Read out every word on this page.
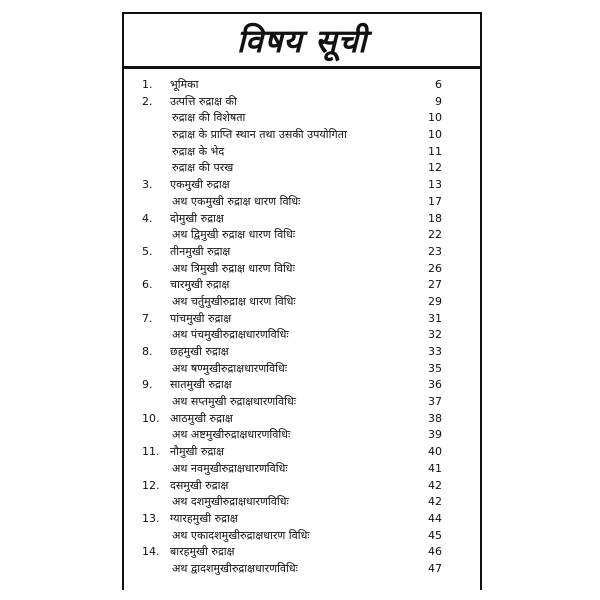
विषय सूची
1.	भूमिका	6
2.	उत्पत्ति रुद्राक्ष की	9
रुद्राक्ष की विशेषता	10
रुद्राक्ष के प्राप्ति स्थान तथा उसकी उपयोगिता	10
रुद्राक्ष के भेद	11
रुद्राक्ष की परख	12
3.	एकमुखी रुद्राक्ष	13
अथ एकमुखी रुद्राक्ष धारण विधिः	17
4.	दोमुखी रुद्राक्ष	18
अथ द्विमुखी रुद्राक्ष धारण विधिः	22
5.	तीनमुखी रुद्राक्ष	23
अथ त्रिमुखी रुद्राक्ष धारण विधिः	26
6.	चारमुखी रुद्राक्ष	27
अथ चर्तुमुखीरुद्राक्ष धारण विधिः	29
7.	पांचमुखी रुद्राक्ष	31
अथ पंचमुखीरुद्राक्षधारणविधिः	32
8.	छहमुखी रुद्राक्ष	33
अथ षण्मुखीरुद्राक्षधारणविधिः	35
9.	सातमुखी रुद्राक्ष	36
अथ सप्तमुखी रुद्राक्षधारणविधिः	37
10. आठमुखी रुद्राक्ष	38
अथ अष्टमुखीरुद्राक्षधारणविधिः	39
11. नौमुखी रुद्राक्ष	40
अथ नवमुखीरुद्राक्षधारणविधिः	41
12. दसमुखी रुद्राक्ष	42
अथ दशमुखीरुद्राक्षधारणविधिः	42
13. ग्यारहमुखी रुद्राक्ष	44
अथ एकादशमुखीरुद्राक्षधारण विधिः	45
14. बारहमुखी रुद्राक्ष	46
अथ द्वादशमुखीरुद्राक्षधारणविधिः	47
